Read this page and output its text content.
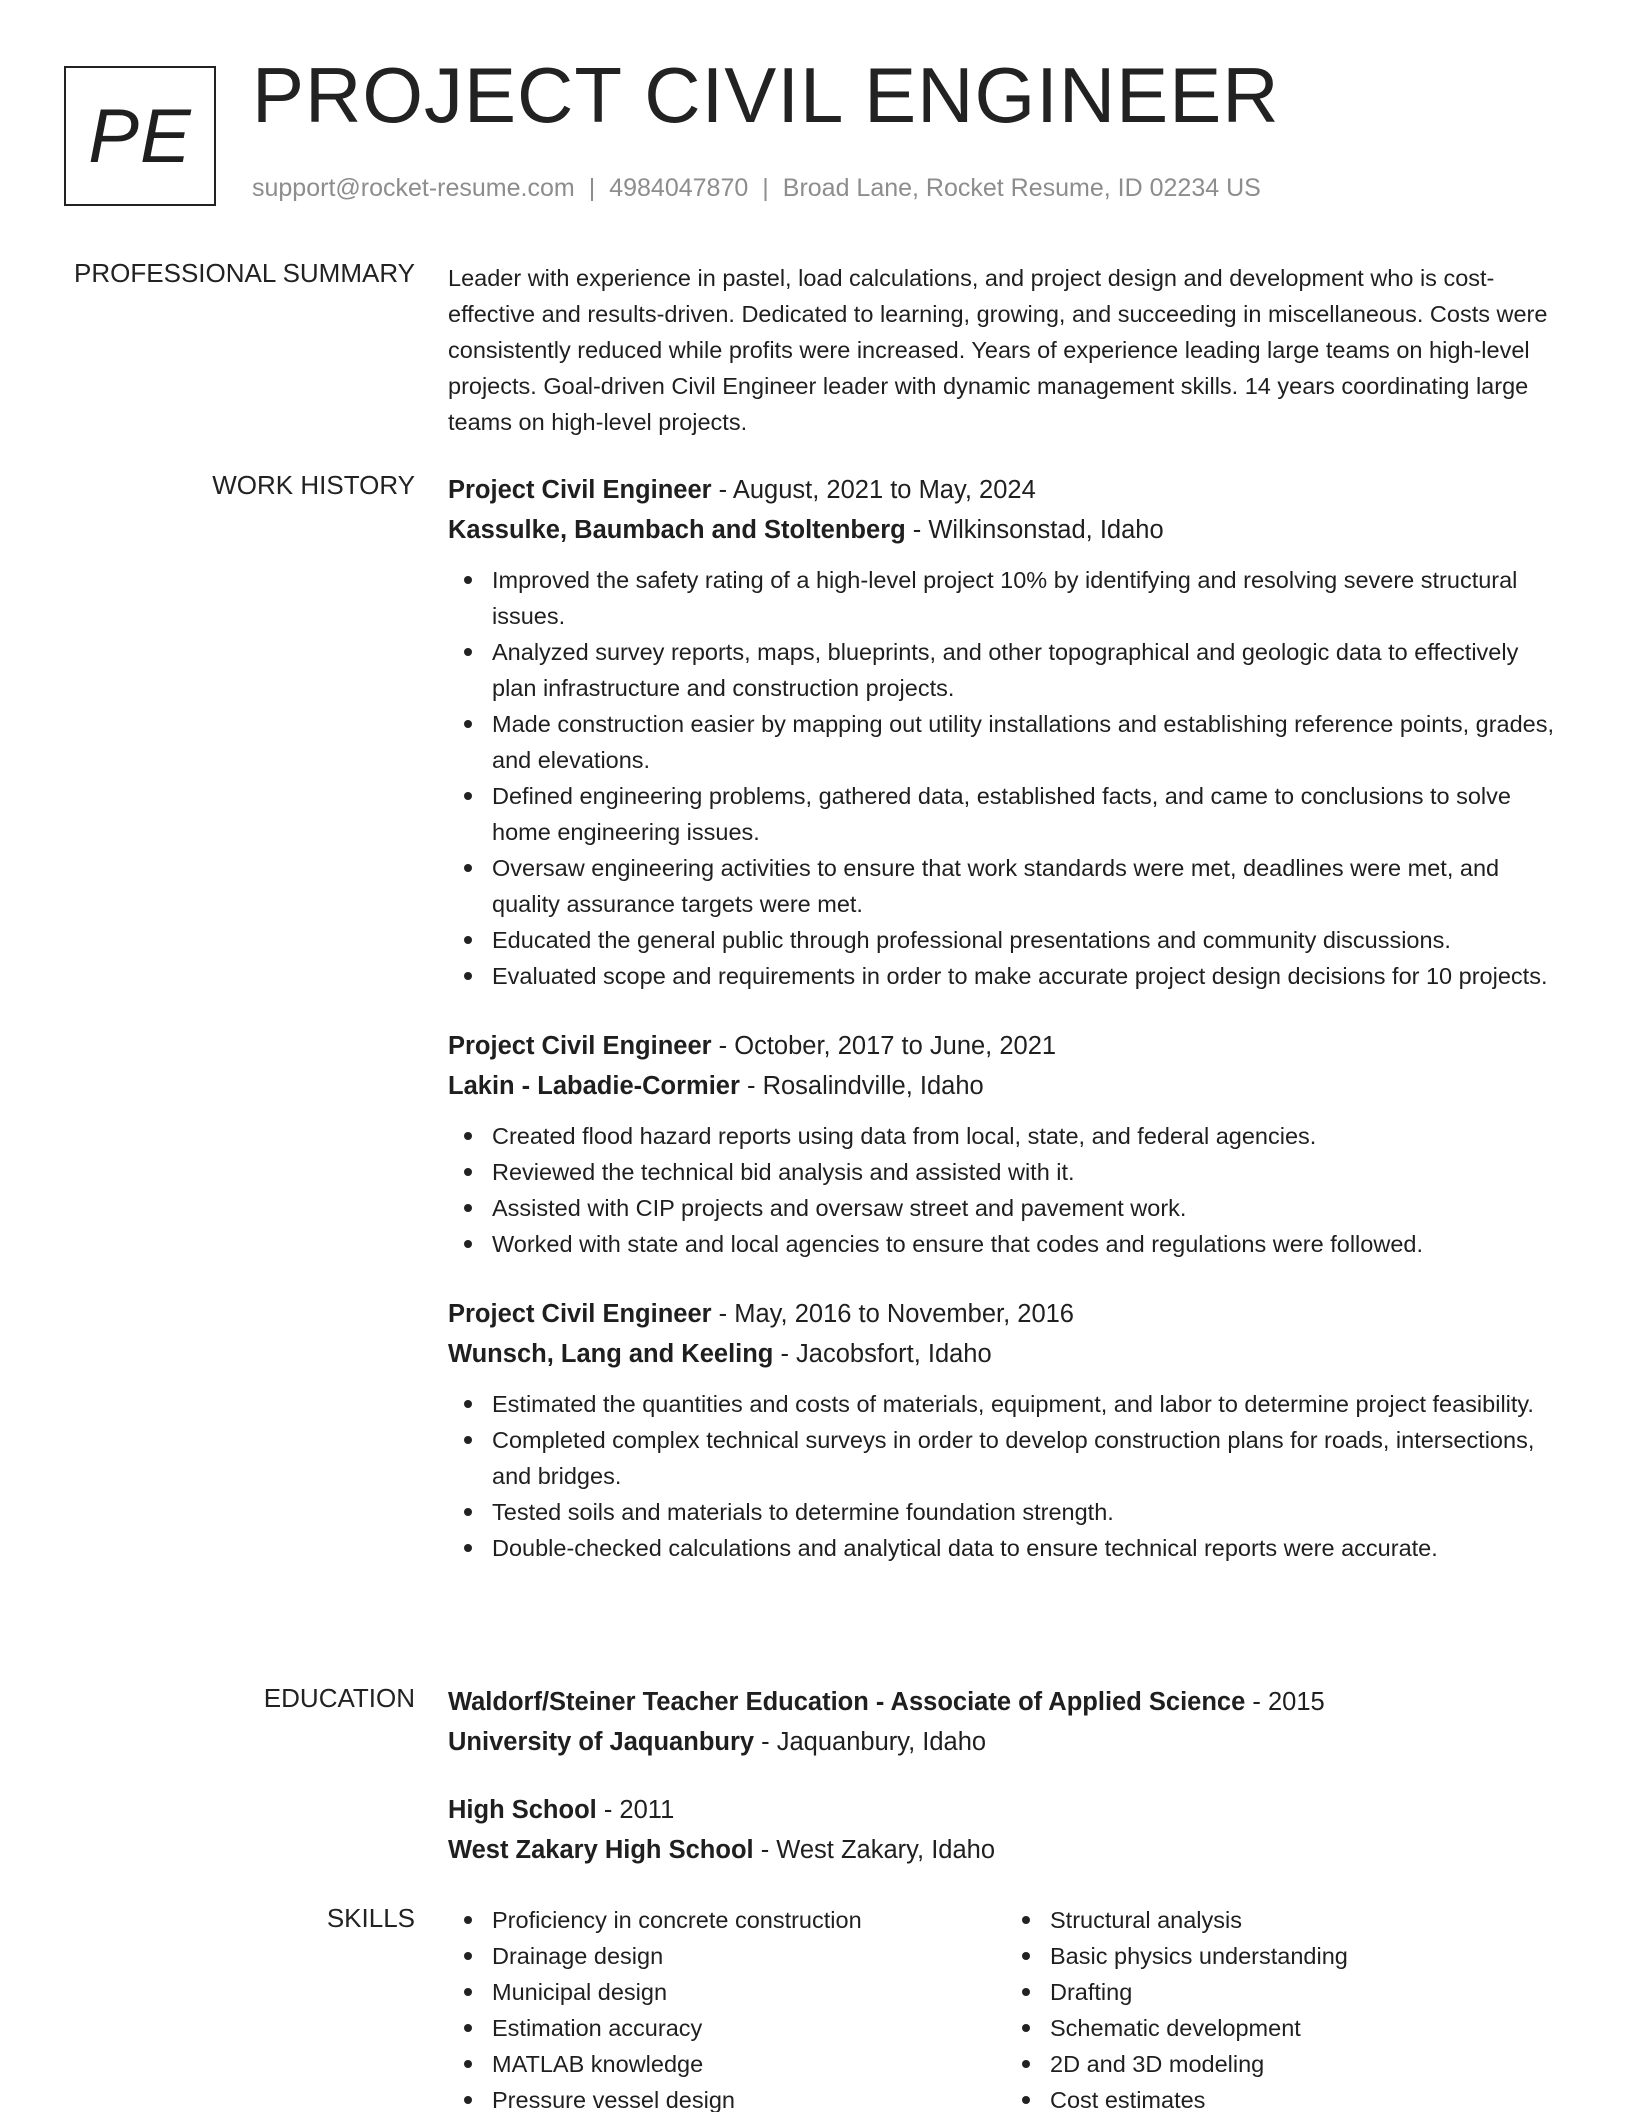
PE PROJECT CIVIL ENGINEER
support@rocket-resume.com | 4984047870 | Broad Lane, Rocket Resume, ID 02234 US
PROFESSIONAL SUMMARY Leader with experience in pastel, load calculations, and project design and development who is cost-effective and results-driven. Dedicated to learning, growing, and succeeding in miscellaneous. Costs were consistently reduced while profits were increased. Years of experience leading large teams on high-level projects. Goal-driven Civil Engineer leader with dynamic management skills. 14 years coordinating large teams on high-level projects.
WORK HISTORY Project Civil Engineer - August, 2021 to May, 2024
Kassulke, Baumbach and Stoltenberg - Wilkinsonstad, Idaho
Improved the safety rating of a high-level project 10% by identifying and resolving severe structural issues.
Analyzed survey reports, maps, blueprints, and other topographical and geologic data to effectively plan infrastructure and construction projects.
Made construction easier by mapping out utility installations and establishing reference points, grades, and elevations.
Defined engineering problems, gathered data, established facts, and came to conclusions to solve home engineering issues.
Oversaw engineering activities to ensure that work standards were met, deadlines were met, and quality assurance targets were met.
Educated the general public through professional presentations and community discussions.
Evaluated scope and requirements in order to make accurate project design decisions for 10 projects.
Project Civil Engineer - October, 2017 to June, 2021
Lakin - Labadie-Cormier - Rosalindville, Idaho
Created flood hazard reports using data from local, state, and federal agencies.
Reviewed the technical bid analysis and assisted with it.
Assisted with CIP projects and oversaw street and pavement work.
Worked with state and local agencies to ensure that codes and regulations were followed.
Project Civil Engineer - May, 2016 to November, 2016
Wunsch, Lang and Keeling - Jacobsfort, Idaho
Estimated the quantities and costs of materials, equipment, and labor to determine project feasibility.
Completed complex technical surveys in order to develop construction plans for roads, intersections, and bridges.
Tested soils and materials to determine foundation strength.
Double-checked calculations and analytical data to ensure technical reports were accurate.
EDUCATION Waldorf/Steiner Teacher Education - Associate of Applied Science - 2015
University of Jaquanbury - Jaquanbury, Idaho
High School - 2011
West Zakary High School - West Zakary, Idaho
SKILLS	Proficiency in concrete construction
Drainage design
Municipal design
Estimation accuracy
MATLAB knowledge
Pressure vessel design
Structural analysis
Basic physics understanding
Drafting
Schematic development
2D and 3D modeling
Cost estimates
